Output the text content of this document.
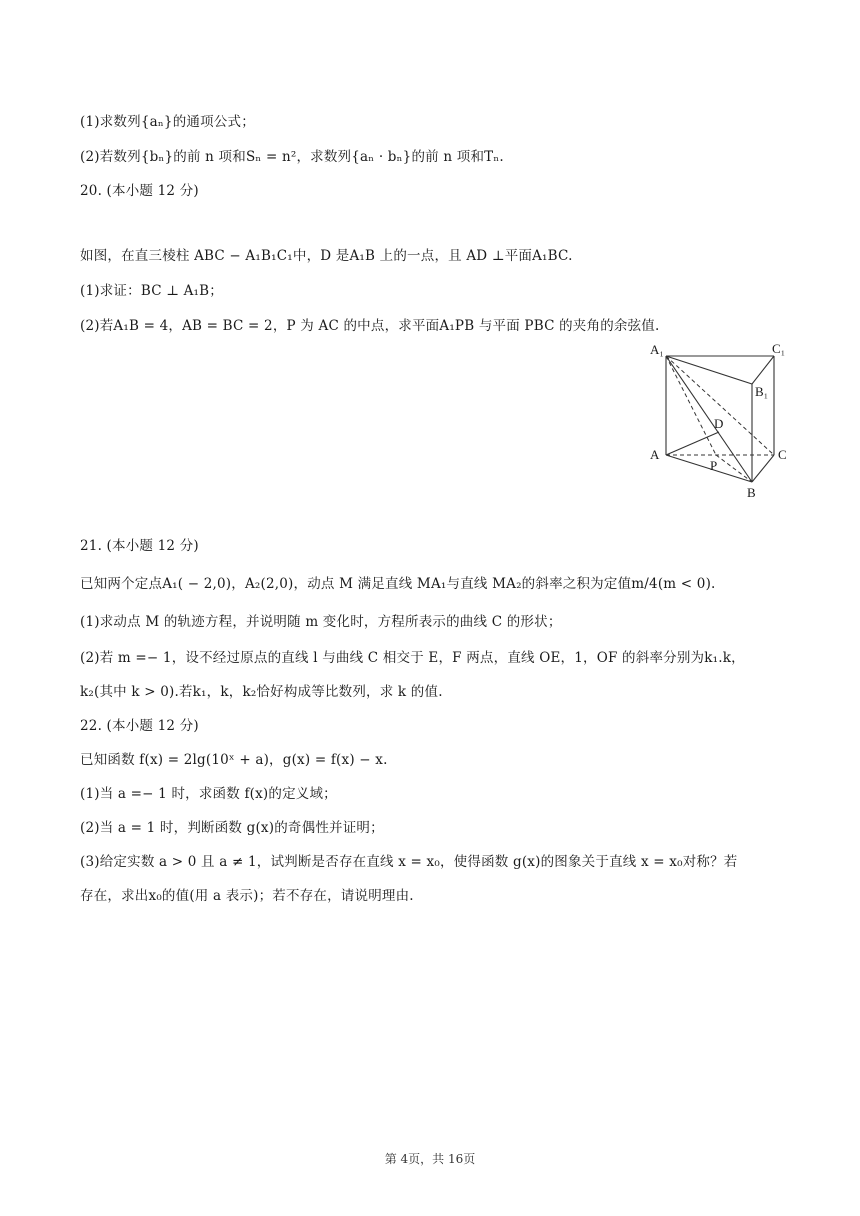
(1)求数列{aₙ}的通项公式；
(2)若数列{bₙ}的前 n 项和Sₙ = n²，求数列{aₙ · bₙ}的前 n 项和Tₙ.
20. (本小题 12 分)
如图，在直三棱柱 ABC − A₁B₁C₁中，D 是A₁B 上的一点，且 AD ⊥平面A₁BC.
(1)求证：BC ⊥ A₁B；
(2)若A₁B = 4，AB = BC = 2，P 为 AC 的中点，求平面A₁PB 与平面 PBC 的夹角的余弦值.
A₁	C₁
B₁
D
A
P
C
B
21. (本小题 12 分)
已知两个定点A₁( − 2,0)，A₂(2,0)，动点 M 满足直线 MA₁与直线 MA₂的斜率之积为定值m/4(m < 0).
(1)求动点 M 的轨迹方程，并说明随 m 变化时，方程所表示的曲线 C 的形状；
(2)若 m =− 1，设不经过原点的直线 l 与曲线 C 相交于 E，F 两点，直线 OE，1，OF 的斜率分别为k₁.k，
k₂(其中 k > 0).若k₁，k，k₂恰好构成等比数列，求 k 的值.
22. (本小题 12 分)
已知函数 f(x) = 2lg(10ˣ + a)，g(x) = f(x) − x.
(1)当 a =− 1 时，求函数 f(x)的定义域；
(2)当 a = 1 时，判断函数 g(x)的奇偶性并证明；
(3)给定实数 a > 0 且 a ≠ 1，试判断是否存在直线 x = x₀，使得函数 g(x)的图象关于直线 x = x₀对称？若
存在，求出x₀的值(用 a 表示)；若不存在，请说明理由.
第 4页，共 16页
